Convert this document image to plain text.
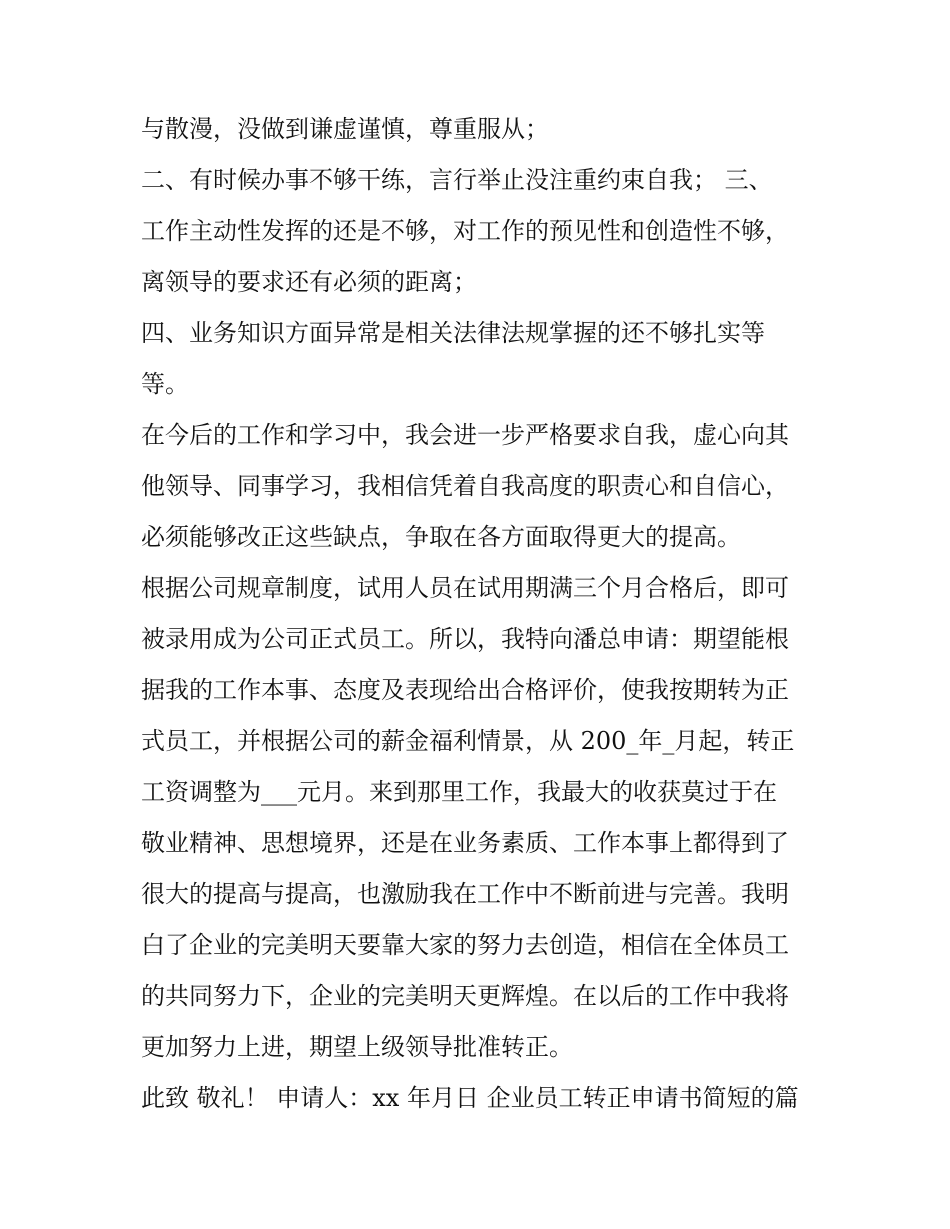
与散漫，没做到谦虚谨慎，尊重服从；
二、有时候办事不够干练，言行举止没注重约束自我； 三、
工作主动性发挥的还是不够，对工作的预见性和创造性不够，
离领导的要求还有必须的距离；
四、业务知识方面异常是相关法律法规掌握的还不够扎实等
等。
在今后的工作和学习中，我会进一步严格要求自我，虚心向其
他领导、同事学习，我相信凭着自我高度的职责心和自信心，
必须能够改正这些缺点，争取在各方面取得更大的提高。
根据公司规章制度，试用人员在试用期满三个月合格后，即可
被录用成为公司正式员工。所以，我特向潘总申请：期望能根
据我的工作本事、态度及表现给出合格评价，使我按期转为正
式员工，并根据公司的薪金福利情景，从 200_年_月起，转正
工资调整为___元月。来到那里工作，我最大的收获莫过于在
敬业精神、思想境界，还是在业务素质、工作本事上都得到了
很大的提高与提高，也激励我在工作中不断前进与完善。我明
白了企业的完美明天要靠大家的努力去创造，相信在全体员工
的共同努力下，企业的完美明天更辉煌。在以后的工作中我将
更加努力上进，期望上级领导批准转正。
此致 敬礼！ 申请人：xx 年月日 企业员工转正申请书简短的篇
